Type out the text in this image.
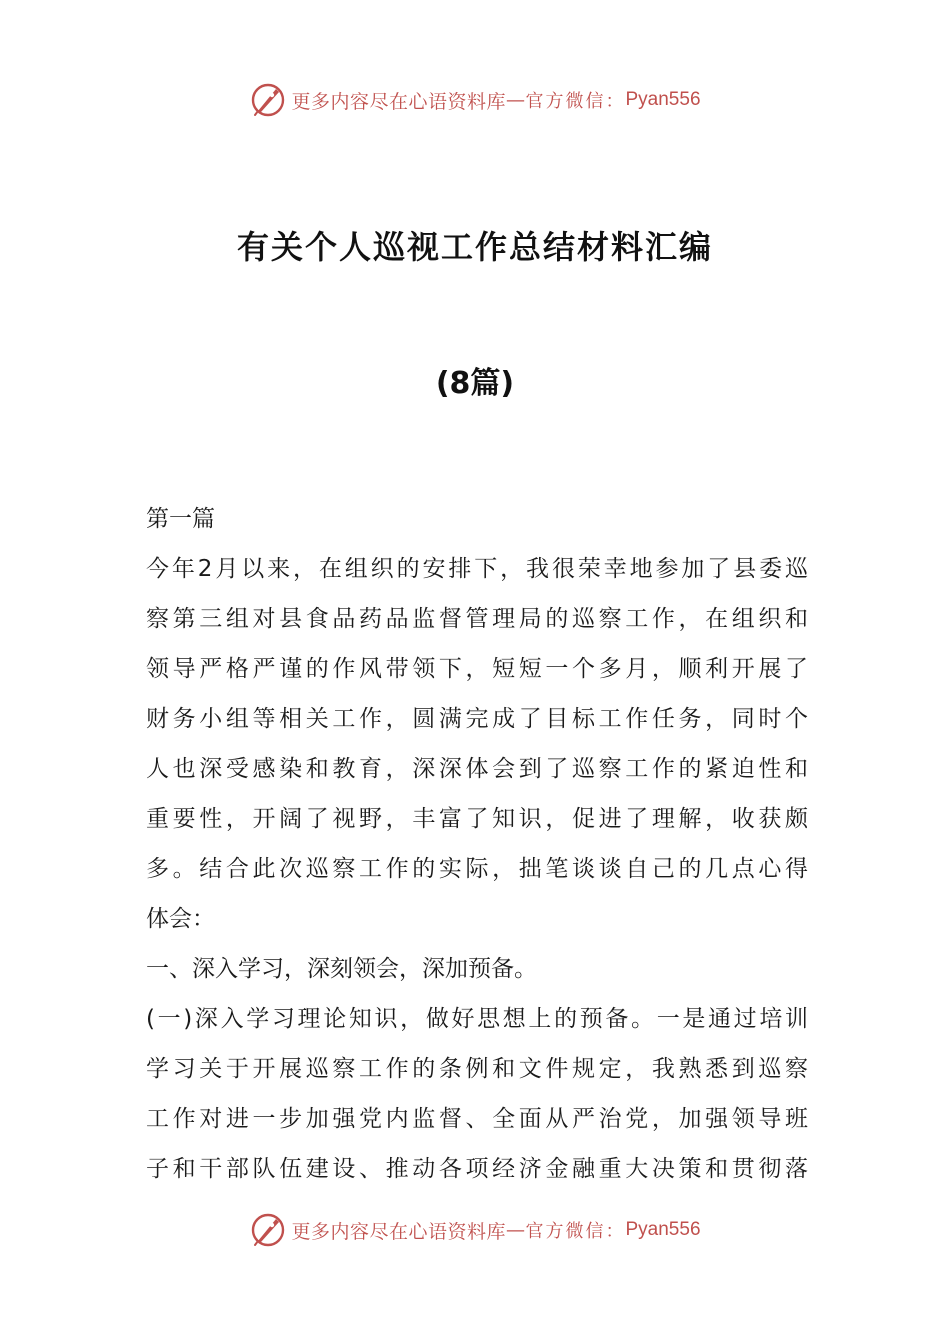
更多内容尽在心语资料库 — 官方微信： Pyan556
有关个人巡视工作总结材料汇编
(8篇)

第一篇

今年2月以来，在组织的安排下，我很荣幸地参加了县委巡

察第三组对县食品药品监督管理局的巡察工作，在组织和

领导严格严谨的作风带领下，短短一个多月，顺利开展了

财务小组等相关工作，圆满完成了目标工作任务，同时个

人也深受感染和教育，深深体会到了巡察工作的紧迫性和

重要性，开阔了视野，丰富了知识，促进了理解，收获颇

多。结合此次巡察工作的实际，拙笔谈谈自己的几点心得

体会：

一、深入学习，深刻领会，深加预备。

(一)深入学习理论知识，做好思想上的预备。一是通过培训

学习关于开展巡察工作的条例和文件规定，我熟悉到巡察

工作对进一步加强党内监督、全面从严治党，加强领导班

子和干部队伍建设、推动各项经济金融重大决策和贯彻落

更多内容尽在心语资料库 — 官方微信： Pyan556
